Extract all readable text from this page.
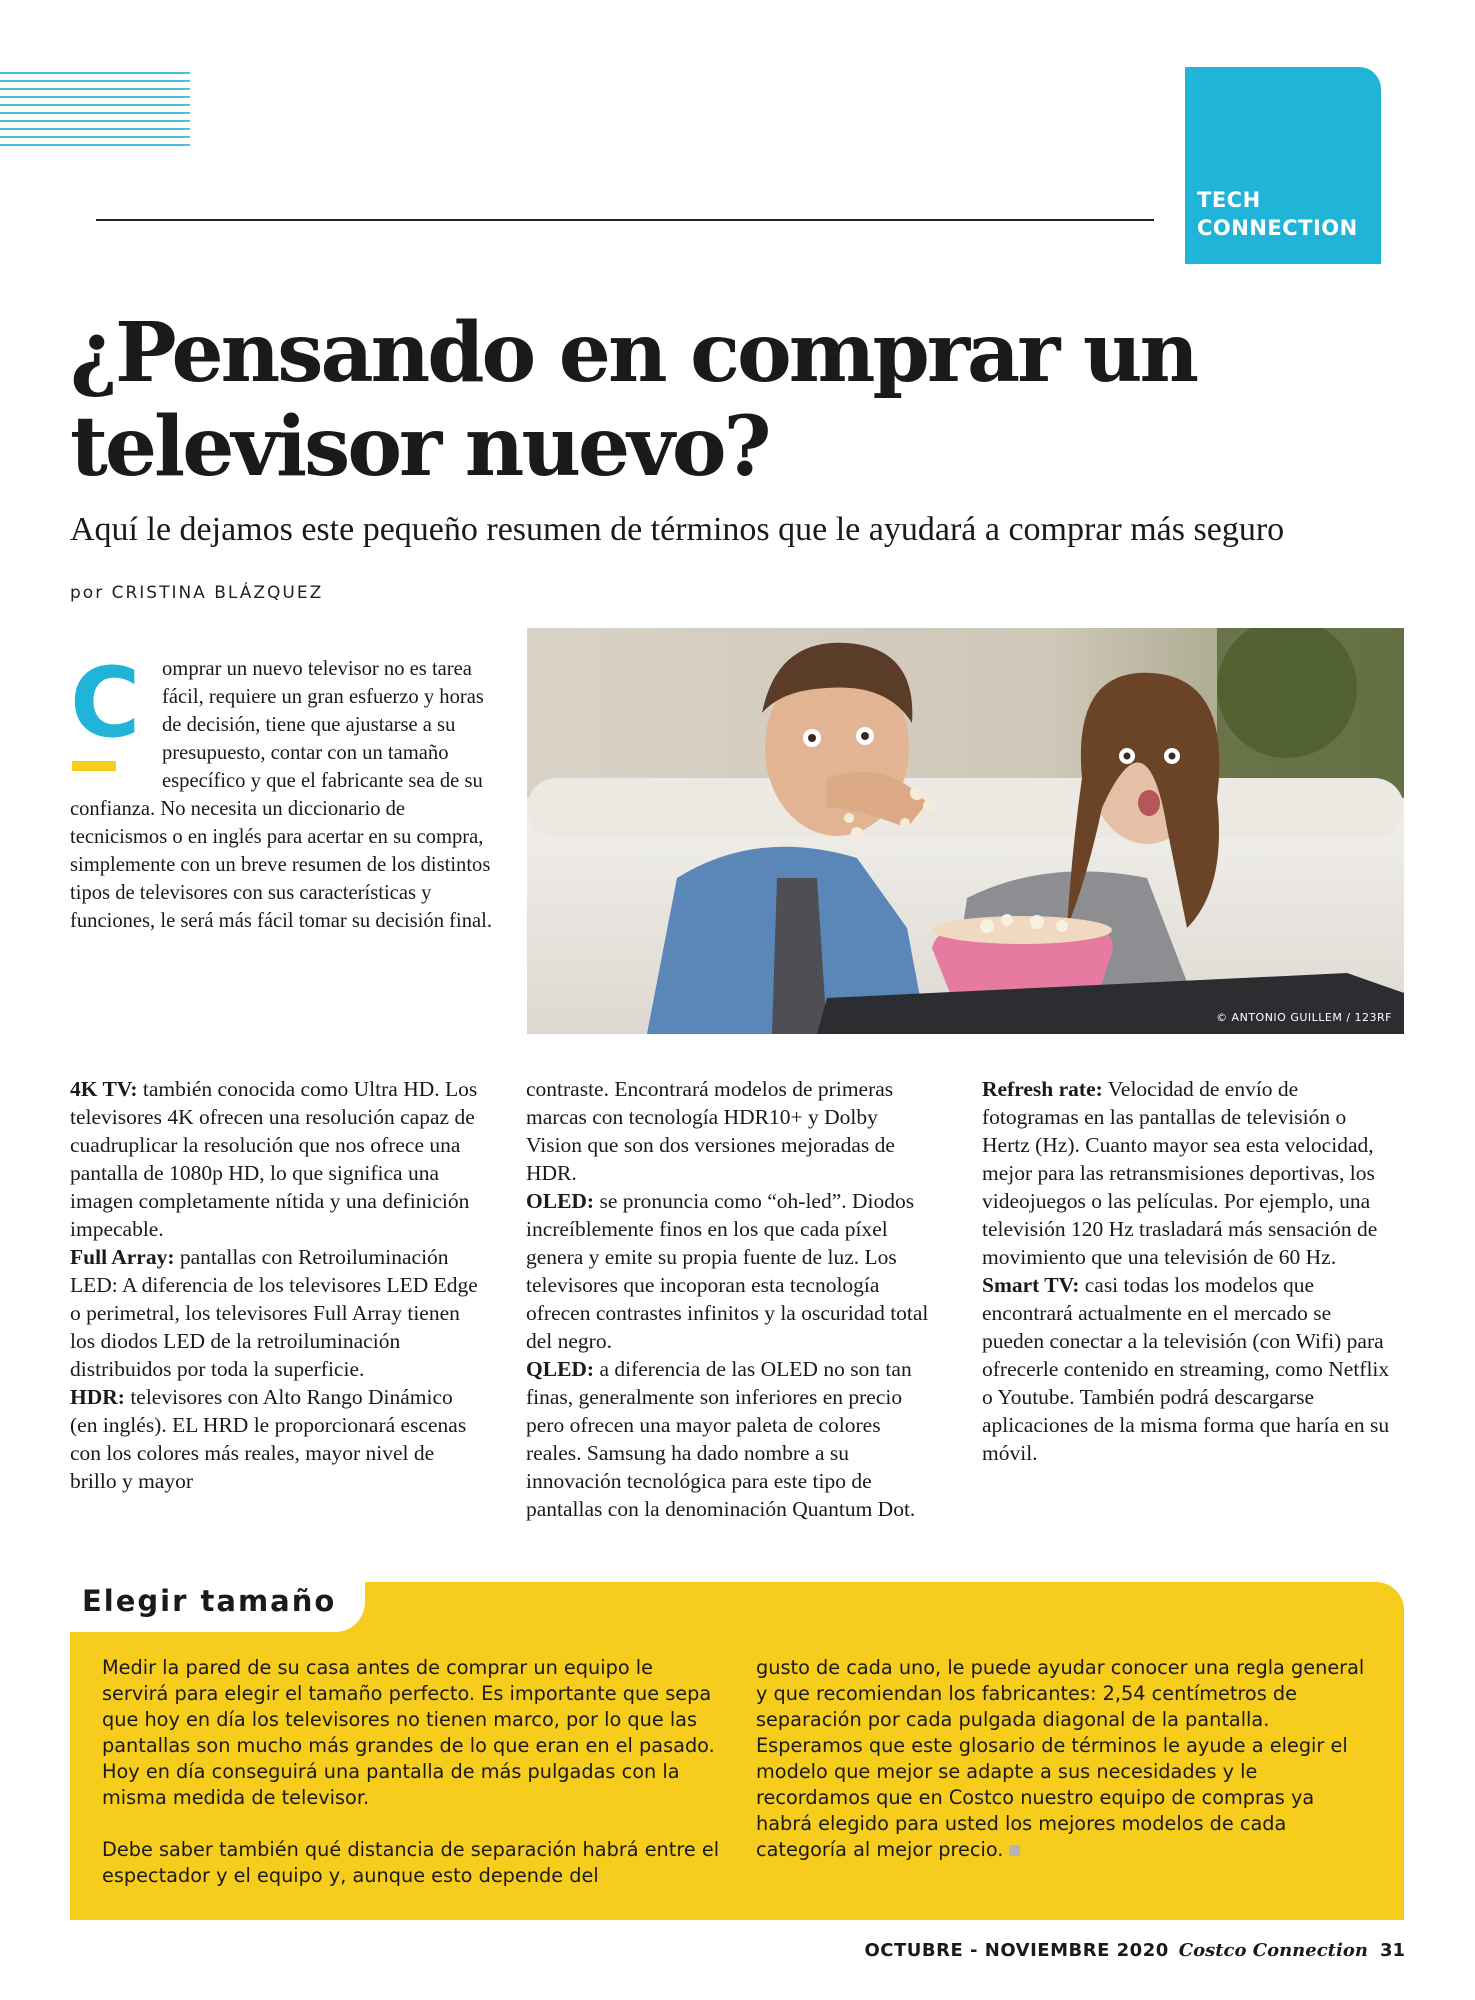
TECH
CONNECTION
¿Pensando en comprar un televisor nuevo?

Aquí le dejamos este pequeño resumen de términos que le ayudará a comprar más seguro

por CRISTINA BLÁZQUEZ
C	omprar un nuevo televisor no es tarea fácil, requiere un gran esfuerzo y horas de decisión, tiene que ajustarse a su presupuesto, contar con un tamaño específico y que el fabricante sea de su confianza. No necesita un diccionario de tecnicismos o en inglés para acertar en su compra, simplemente con un breve resumen de los distintos tipos de televisores con sus características y funciones, le será más fácil tomar su decisión final.
© ANTONIO GUILLEM / 123RF

4K TV: también conocida como Ultra HD. Los televisores 4K ofrecen una resolución capaz de cuadruplicar la resolución que nos ofrece una pantalla de 1080p HD, lo que significa una imagen completamente nítida y una definición impecable.

Full Array: pantallas con Retroiluminación LED: A diferencia de los televisores LED Edge o perimetral, los televisores Full Array tienen los diodos LED de la retroiluminación distribuidos por toda la superficie.

HDR: televisores con Alto Rango Dinámico (en inglés). EL HRD le proporcionará escenas con los colores más reales, mayor nivel de brillo y mayor

contraste. Encontrará modelos de primeras marcas con tecnología HDR10+ y Dolby Vision que son dos versiones mejoradas de HDR.

OLED: se pronuncia como “oh-led”. Diodos increíblemente finos en los que cada píxel genera y emite su propia fuente de luz. Los televisores que incoporan esta tecnología ofrecen contrastes infinitos y la oscuridad total del negro.

QLED: a diferencia de las OLED no son tan finas, generalmente son inferiores en precio pero ofrecen una mayor paleta de colores reales. Samsung ha dado nombre a su innovación tecnológica para este tipo de pantallas con la denominación Quantum Dot.

Refresh rate: Velocidad de envío de fotogramas en las pantallas de televisión o Hertz (Hz). Cuanto mayor sea esta velocidad, mejor para las retransmisiones deportivas, los videojuegos o las películas. Por ejemplo, una televisión 120 Hz trasladará más sensación de movimiento que una televisión de 60 Hz.

Smart TV: casi todas los modelos que encontrará actualmente en el mercado se pueden conectar a la televisión (con Wifi) para ofrecerle contenido en streaming, como Netflix o Youtube. También podrá descargarse aplicaciones de la misma forma que haría en su móvil.

Elegir tamaño

Medir la pared de su casa antes de comprar un equipo le servirá para elegir el tamaño perfecto. Es importante que sepa que hoy en día los televisores no tienen marco, por lo que las pantallas son mucho más grandes de lo que eran en el pasado. Hoy en día conseguirá una pantalla de más pulgadas con la misma medida de televisor.

Debe saber también qué distancia de separación habrá entre el espectador y el equipo y, aunque esto depende del

gusto de cada uno, le puede ayudar conocer una regla general y que recomiendan los fabricantes: 2,54 centímetros de separación por cada pulgada diagonal de la pantalla.

Esperamos que este glosario de términos le ayude a elegir el modelo que mejor se adapte a sus necesidades y le recordamos que en Costco nuestro equipo de compras ya habrá elegido para usted los mejores modelos de cada categoría al mejor precio.

OCTUBRE - NOVIEMBRE 2020 Costco Connection 31
